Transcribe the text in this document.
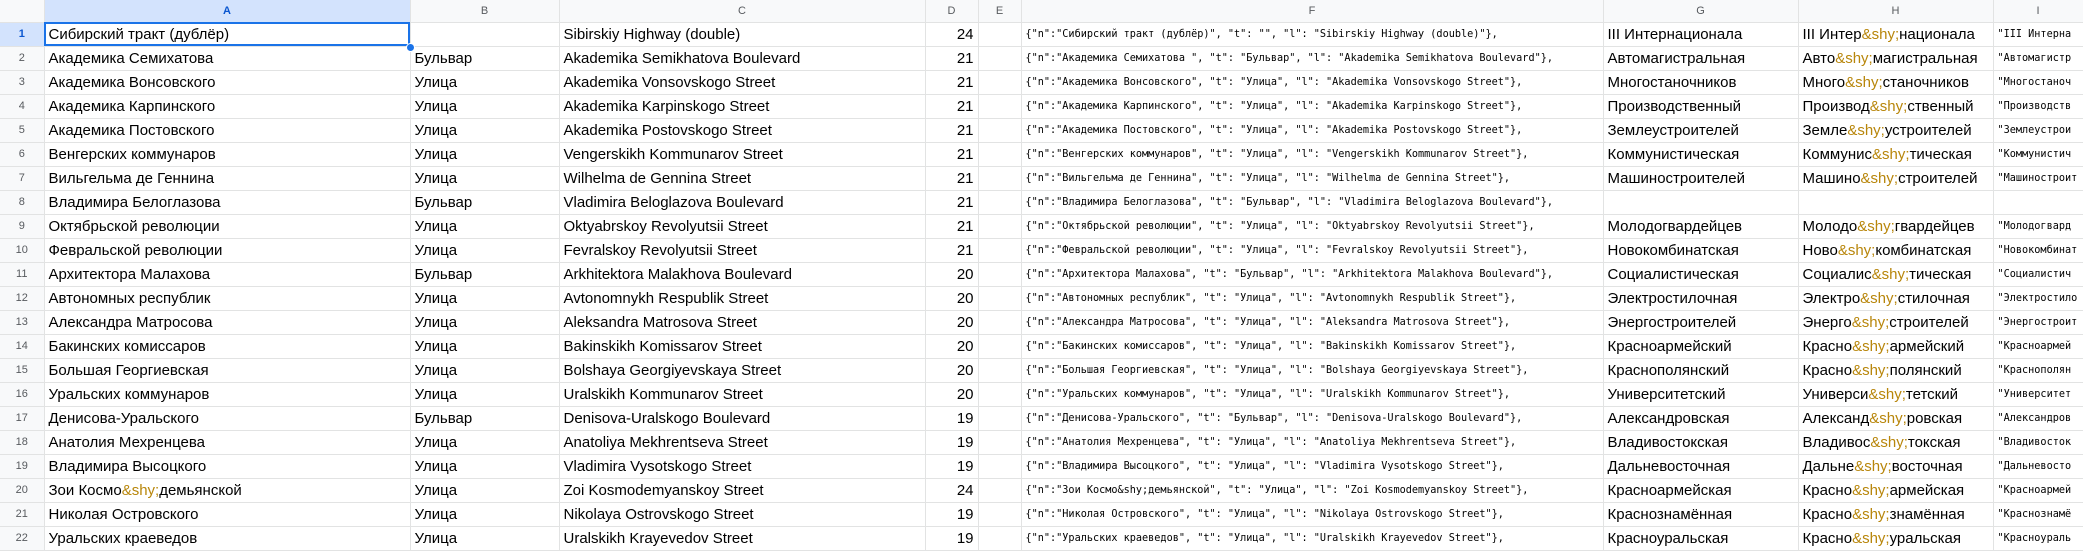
	A	B	C	D	E	F	G	H	I
1	Сибирский тракт (дублёр)		Sibirskiy Highway (double)	24		{"n":"Сибирский тракт (дублёр)", "t": "", "l": "Sibirskiy Highway (double)"},	III Интернационала	III Интер&shy;национала	"III Интерна
2	Академика Семихатова	Бульвар	Akademika Semikhatova Boulevard	21		{"n":"Академика Семихатова ", "t": "Бульвар", "l": "Akademika Semikhatova Boulevard"},	Автомагистральная	Авто&shy;магистральная	"Автомагистр
3	Академика Вонсовского	Улица	Akademika Vonsovskogo Street	21		{"n":"Академика Вонсовского", "t": "Улица", "l": "Akademika Vonsovskogo Street"},	Многостаночников	Много&shy;станочников	"Многостаноч
4	Академика Карпинского	Улица	Akademika Karpinskogo Street	21		{"n":"Академика Карпинского", "t": "Улица", "l": "Akademika Karpinskogo Street"},	Производственный	Производ&shy;ственный	"Производств
5	Академика Постовского	Улица	Akademika Postovskogo Street	21		{"n":"Академика Постовского", "t": "Улица", "l": "Akademika Postovskogo Street"},	Землеустроителей	Земле&shy;устроителей	"Землеустрои
6	Венгерских коммунаров	Улица	Vengerskikh Kommunarov Street	21		{"n":"Венгерских коммунаров", "t": "Улица", "l": "Vengerskikh Kommunarov Street"},	Коммунистическая	Коммунис&shy;тическая	"Коммунистич
7	Вильгельма де Геннина	Улица	Wilhelma de Gennina Street	21		{"n":"Вильгельма де Геннина", "t": "Улица", "l": "Wilhelma de Gennina Street"},	Машиностроителей	Машино&shy;строителей	"Машиностроит
8	Владимира Белоглазова	Бульвар	Vladimira Beloglazova Boulevard	21		{"n":"Владимира Белоглазова", "t": "Бульвар", "l": "Vladimira Beloglazova Boulevard"},			
9	Октябрьской революции	Улица	Oktyabrskoy Revolyutsii Street	21		{"n":"Октябрьской революции", "t": "Улица", "l": "Oktyabrskoy Revolyutsii Street"},	Молодогвардейцев	Молодо&shy;гвардейцев	"Молодогвард
10	Февральской революции	Улица	Fevralskoy Revolyutsii Street	21		{"n":"Февральской революции", "t": "Улица", "l": "Fevralskoy Revolyutsii Street"},	Новокомбинатская	Ново&shy;комбинатская	"Новокомбинат
11	Архитектора Малахова	Бульвар	Arkhitektora Malakhova Boulevard	20		{"n":"Архитектора Малахова", "t": "Бульвар", "l": "Arkhitektora Malakhova Boulevard"},	Социалистическая	Социалис&shy;тическая	"Социалистич
12	Автономных республик	Улица	Avtonomnykh Respublik Street	20		{"n":"Автономных республик", "t": "Улица", "l": "Avtonomnykh Respublik Street"},	Электростилочная	Электро&shy;стилочная	"Электростило
13	Александра Матросова	Улица	Aleksandra Matrosova Street	20		{"n":"Александра Матросова", "t": "Улица", "l": "Aleksandra Matrosova Street"},	Энергостроителей	Энерго&shy;строителей	"Энергостроит
14	Бакинских комиссаров	Улица	Bakinskikh Komissarov Street	20		{"n":"Бакинских комиссаров", "t": "Улица", "l": "Bakinskikh Komissarov Street"},	Красноармейский	Красно&shy;армейский	"Красноармей
15	Большая Георгиевская	Улица	Bolshaya Georgiyevskaya Street	20		{"n":"Большая Георгиевская", "t": "Улица", "l": "Bolshaya Georgiyevskaya Street"},	Краснополянский	Красно&shy;полянский	"Краснополян
16	Уральских коммунаров	Улица	Uralskikh Kommunarov Street	20		{"n":"Уральских коммунаров", "t": "Улица", "l": "Uralskikh Kommunarov Street"},	Университетский	Универси&shy;тетский	"Университет
17	Денисова-Уральского	Бульвар	Denisova-Uralskogo Boulevard	19		{"n":"Денисова-Уральского", "t": "Бульвар", "l": "Denisova-Uralskogo Boulevard"},	Александровская	Александ&shy;ровская	"Александров
18	Анатолия Мехренцева	Улица	Anatoliya Mekhrentseva Street	19		{"n":"Анатолия Мехренцева", "t": "Улица", "l": "Anatoliya Mekhrentseva Street"},	Владивостокская	Владивос&shy;токская	"Владивосток
19	Владимира Высоцкого	Улица	Vladimira Vysotskogo Street	19		{"n":"Владимира Высоцкого", "t": "Улица", "l": "Vladimira Vysotskogo Street"},	Дальневосточная	Дальне&shy;восточная	"Дальневосто
20	Зои Космо&shy;демьянской	Улица	Zoi Kosmodemyanskoy Street	24		{"n":"Зои Космо&shy;демьянской", "t": "Улица", "l": "Zoi Kosmodemyanskoy Street"},	Красноармейская	Красно&shy;армейская	"Красноармей
21	Николая Островского	Улица	Nikolaya Ostrovskogo Street	19		{"n":"Николая Островского", "t": "Улица", "l": "Nikolaya Ostrovskogo Street"},	Краснознамённая	Красно&shy;знамённая	"Краснознамё
22	Уральских краеведов	Улица	Uralskikh Krayevedov Street	19		{"n":"Уральских краеведов", "t": "Улица", "l": "Uralskikh Krayevedov Street"},	Красноуральская	Красно&shy;уральская	"Красноураль
